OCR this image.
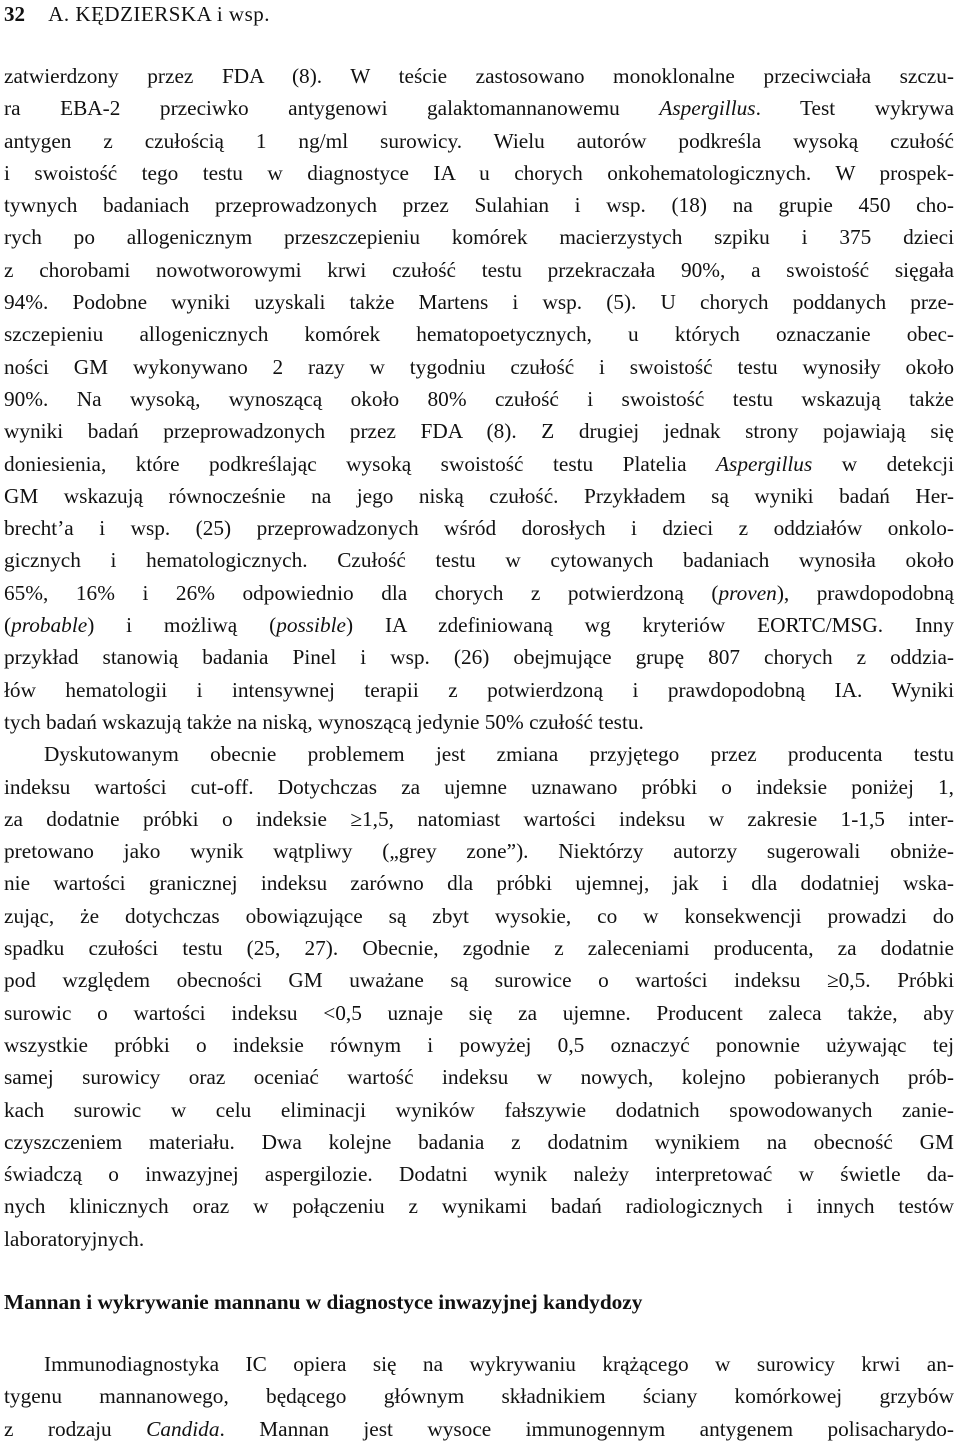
32 A. KĘDZIERSKA i wsp.
zatwierdzony przez FDA (8). W teście zastosowano monoklonalne przeciwciała szczu-
ra EBA-2 przeciwko antygenowi galaktomannanowemu Aspergillus. Test wykrywa
antygen z czułością 1 ng/ml surowicy. Wielu autorów podkreśla wysoką czułość
i swoistość tego testu w diagnostyce IA u chorych onkohematologicznych. W prospek-
tywnych badaniach przeprowadzonych przez Sulahian i wsp. (18) na grupie 450 cho-
rych po allogenicznym przeszczepieniu komórek macierzystych szpiku i 375 dzieci
z chorobami nowotworowymi krwi czułość testu przekraczała 90%, a swoistość sięgała
94%. Podobne wyniki uzyskali także Martens i wsp. (5). U chorych poddanych prze-
szczepieniu allogenicznych komórek hematopoetycznych, u których oznaczanie obec-
ności GM wykonywano 2 razy w tygodniu czułość i swoistość testu wynosiły około
90%. Na wysoką, wynoszącą około 80% czułość i swoistość testu wskazują także
wyniki badań przeprowadzonych przez FDA (8). Z drugiej jednak strony pojawiają się
doniesienia, które podkreślając wysoką swoistość testu Platelia Aspergillus w detekcji
GM wskazują równocześnie na jego niską czułość. Przykładem są wyniki badań Her-
brecht’a i wsp. (25) przeprowadzonych wśród dorosłych i dzieci z oddziałów onkolo-
gicznych i hematologicznych. Czułość testu w cytowanych badaniach wynosiła około
65%, 16% i 26% odpowiednio dla chorych z potwierdzoną (proven), prawdopodobną
(probable) i możliwą (possible) IA zdefiniowaną wg kryteriów EORTC/MSG. Inny
przykład stanowią badania Pinel i wsp. (26) obejmujące grupę 807 chorych z oddzia-
łów hematologii i intensywnej terapii z potwierdzoną i prawdopodobną IA. Wyniki
tych badań wskazują także na niską, wynoszącą jedynie 50% czułość testu.
Dyskutowanym obecnie problemem jest zmiana przyjętego przez producenta testu
indeksu wartości cut-off. Dotychczas za ujemne uznawano próbki o indeksie poniżej 1,
za dodatnie próbki o indeksie ≥1,5, natomiast wartości indeksu w zakresie 1-1,5 inter-
pretowano jako wynik wątpliwy („grey zone”). Niektórzy autorzy sugerowali obniże-
nie wartości granicznej indeksu zarówno dla próbki ujemnej, jak i dla dodatniej wska-
zując, że dotychczas obowiązujące są zbyt wysokie, co w konsekwencji prowadzi do
spadku czułości testu (25, 27). Obecnie, zgodnie z zaleceniami producenta, za dodatnie
pod względem obecności GM uważane są surowice o wartości indeksu ≥0,5. Próbki
surowic o wartości indeksu <0,5 uznaje się za ujemne. Producent zaleca także, aby
wszystkie próbki o indeksie równym i powyżej 0,5 oznaczyć ponownie używając tej
samej surowicy oraz oceniać wartość indeksu w nowych, kolejno pobieranych prób-
kach surowic w celu eliminacji wyników fałszywie dodatnich spowodowanych zanie-
czyszczeniem materiału. Dwa kolejne badania z dodatnim wynikiem na obecność GM
świadczą o inwazyjnej aspergilozie. Dodatni wynik należy interpretować w świetle da-
nych klinicznych oraz w połączeniu z wynikami badań radiologicznych i innych testów
laboratoryjnych.
Mannan i wykrywanie mannanu w diagnostyce inwazyjnej kandydozy
Immunodiagnostyka IC opiera się na wykrywaniu krążącego w surowicy krwi an-
tygenu mannanowego, będącego głównym składnikiem ściany komórkowej grzybów
z rodzaju Candida. Mannan jest wysoce immunogennym antygenem polisacharydo-
